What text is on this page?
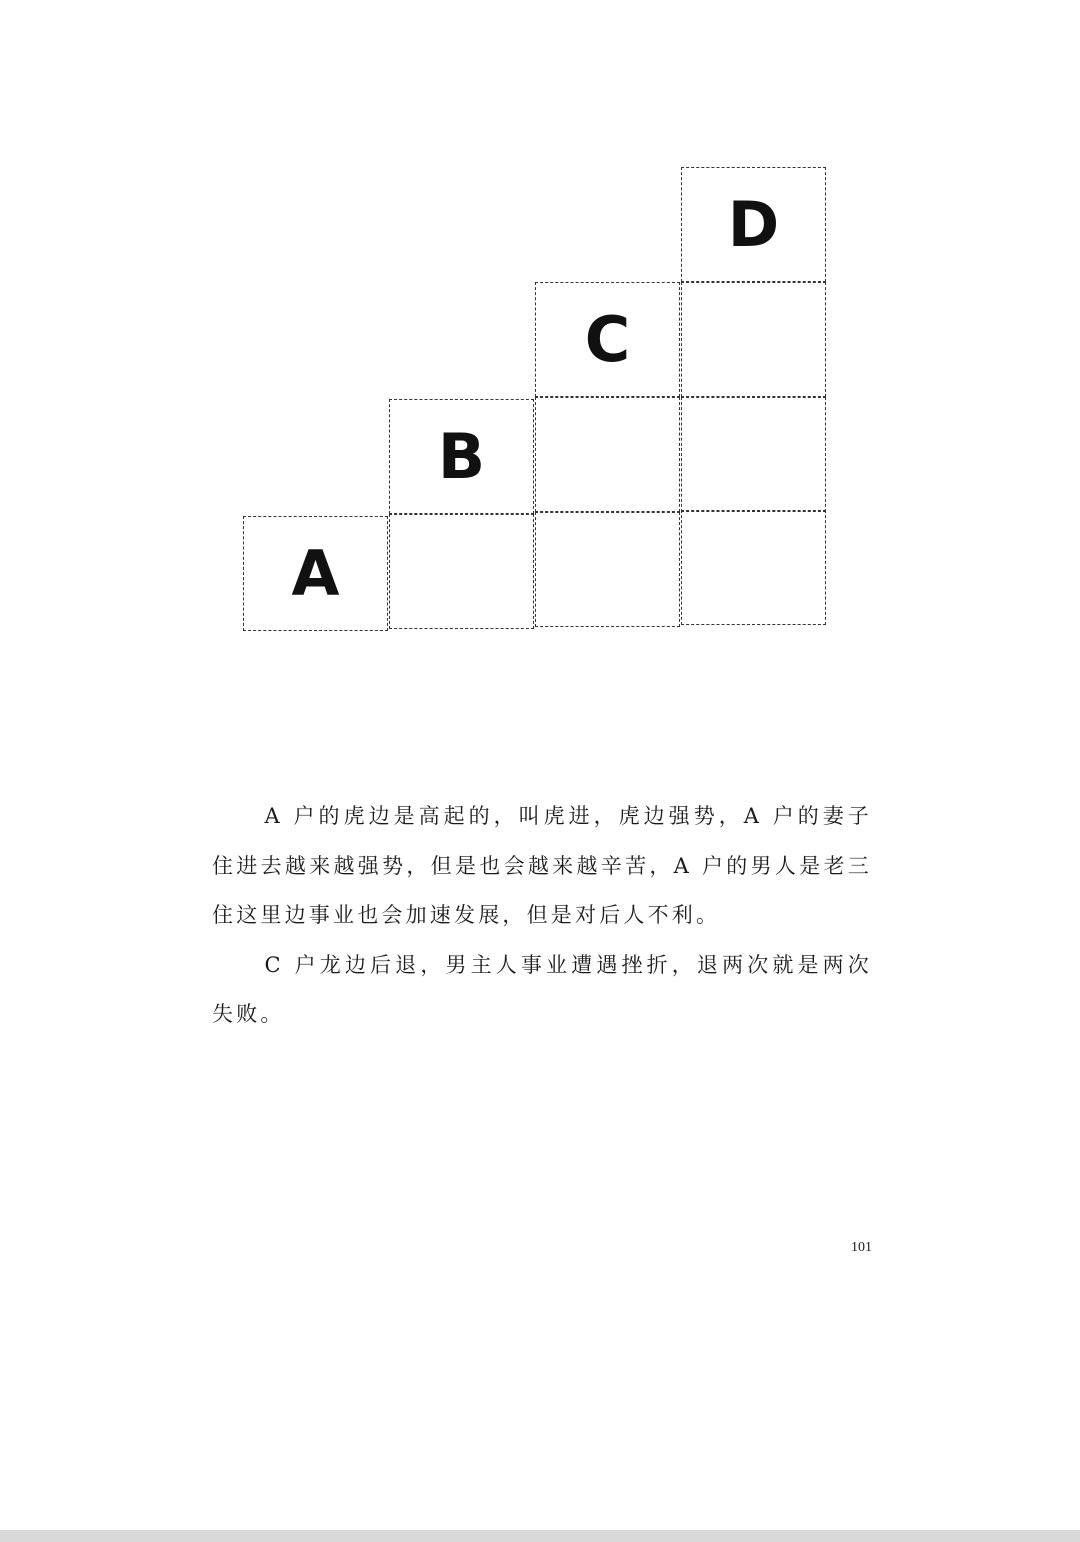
A
B
C
D

A 户的虎边是高起的，叫虎进，虎边强势，A 户的妻子住进去越来越强势，但是也会越来越辛苦，A 户的男人是老三住这里边事业也会加速发展，但是对后人不利。

C 户龙边后退，男主人事业遭遇挫折，退两次就是两次失败。

101
